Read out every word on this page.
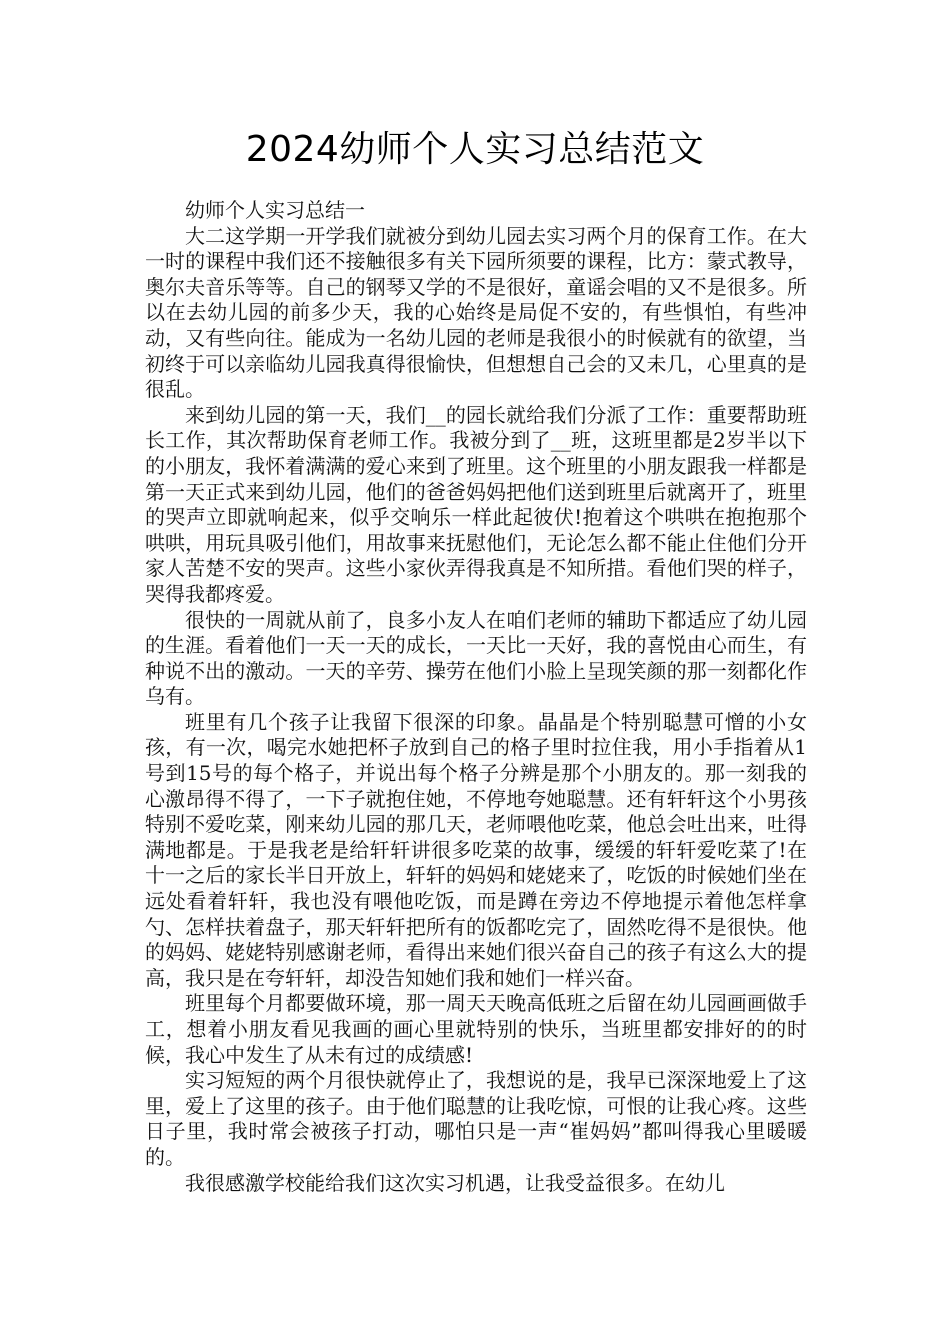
2024幼师个人实习总结范文

幼师个人实习总结一

大二这学期一开学我们就被分到幼儿园去实习两个月的保育工作。在大一时的课程中我们还不接触很多有关下园所须要的课程，比方：蒙式教导，奥尔夫音乐等等。自己的钢琴又学的不是很好，童谣会唱的又不是很多。所以在去幼儿园的前多少天，我的心始终是局促不安的，有些惧怕，有些冲动，又有些向往。能成为一名幼儿园的老师是我很小的时候就有的欲望，当初终于可以亲临幼儿园我真得很愉快，但想想自己会的又未几，心里真的是很乱。

来到幼儿园的第一天，我们__的园长就给我们分派了工作：重要帮助班长工作，其次帮助保育老师工作。我被分到了__班，这班里都是2岁半以下的小朋友，我怀着满满的爱心来到了班里。这个班里的小朋友跟我一样都是第一天正式来到幼儿园，他们的爸爸妈妈把他们送到班里后就离开了，班里的哭声立即就响起来，似乎交响乐一样此起彼伏!抱着这个哄哄在抱抱那个哄哄，用玩具吸引他们，用故事来抚慰他们，无论怎么都不能止住他们分开家人苦楚不安的哭声。这些小家伙弄得我真是不知所措。看他们哭的样子，哭得我都疼爱。

很快的一周就从前了，良多小友人在咱们老师的辅助下都适应了幼儿园的生涯。看着他们一天一天的成长，一天比一天好，我的喜悦由心而生，有种说不出的激动。一天的辛劳、操劳在他们小脸上呈现笑颜的那一刻都化作乌有。

班里有几个孩子让我留下很深的印象。晶晶是个特别聪慧可憎的小女孩，有一次，喝完水她把杯子放到自己的格子里时拉住我，用小手指着从1号到15号的每个格子，并说出每个格子分辨是那个小朋友的。那一刻我的心激昂得不得了，一下子就抱住她，不停地夸她聪慧。还有轩轩这个小男孩特别不爱吃菜，刚来幼儿园的那几天，老师喂他吃菜，他总会吐出来，吐得满地都是。于是我老是给轩轩讲很多吃菜的故事，缓缓的轩轩爱吃菜了!在十一之后的家长半日开放上，轩轩的妈妈和姥姥来了，吃饭的时候她们坐在远处看着轩轩，我也没有喂他吃饭，而是蹲在旁边不停地提示着他怎样拿勺、怎样扶着盘子，那天轩轩把所有的饭都吃完了，固然吃得不是很快。他的妈妈、姥姥特别感谢老师，看得出来她们很兴奋自己的孩子有这么大的提高，我只是在夸轩轩，却没告知她们我和她们一样兴奋。

班里每个月都要做环境，那一周天天晚高低班之后留在幼儿园画画做手工，想着小朋友看见我画的画心里就特别的快乐，当班里都安排好的的时候，我心中发生了从未有过的成绩感!

实习短短的两个月很快就停止了，我想说的是，我早已深深地爱上了这里，爱上了这里的孩子。由于他们聪慧的让我吃惊，可恨的让我心疼。这些日子里，我时常会被孩子打动，哪怕只是一声“崔妈妈”都叫得我心里暖暖的。

我很感激学校能给我们这次实习机遇，让我受益很多。在幼儿
